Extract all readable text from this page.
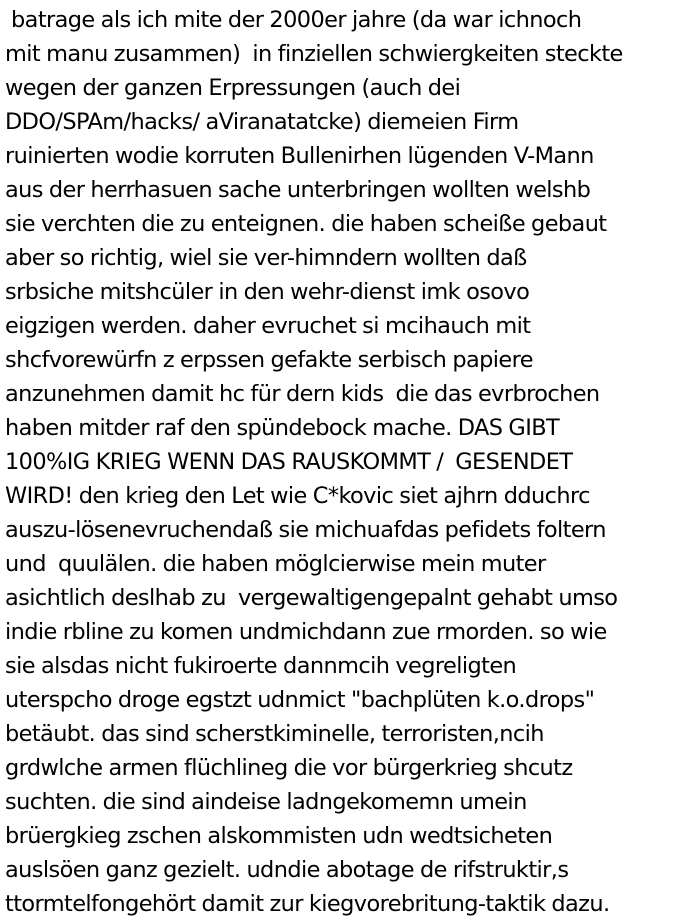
batrage als ich mite der 2000er jahre (da war ichnoch
mit manu zusammen)  in finziellen schwiergkeiten steckte
wegen der ganzen Erpressungen (auch dei
DDO/SPAm/hacks/ aViranatatcke) diemeien Firm
ruinierten wodie korruten Bullenirhen lügenden V-Mann
aus der herrhasuen sache unterbringen wollten welshb
sie verchten die zu enteignen. die haben scheiße gebaut
aber so richtig, wiel sie ver-himndern wollten daß
srbsiche mitshcüler in den wehr-dienst imk osovo
eigzigen werden. daher evruchet si mcihauch mit
shcfvorewürfn z erpssen gefakte serbisch papiere
anzunehmen damit hc für dern kids  die das evrbrochen
haben mitder raf den spündebock mache. DAS GIBT
100%IG KRIEG WENN DAS RAUSKOMMT /  GESENDET
WIRD! den krieg den Let wie C*kovic siet ajhrn dduchrc
auszu-lösenevruchendaß sie michuafdas pefidets foltern
und  quulälen. die haben möglcierwise mein muter
asichtlich deslhab zu  vergewaltigengepalnt gehabt umso
indie rbline zu komen undmichdann zue rmorden. so wie
sie alsdas nicht fukiroerte dannmcih vegreligten
uterspcho droge egstzt udnmict "bachplüten k.o.drops"
betäubt. das sind scherstkiminelle, terroristen,ncih
grdwlche armen flüchlineg die vor bürgerkrieg shcutz
suchten. die sind aindeise ladngekomemn umein
brüergkieg zschen alskommisten udn wedtsicheten
auslsöen ganz gezielt. udndie abotage de rifstruktir,s
ttormtelfongehört damit zur kiegvorebritung-taktik dazu.
